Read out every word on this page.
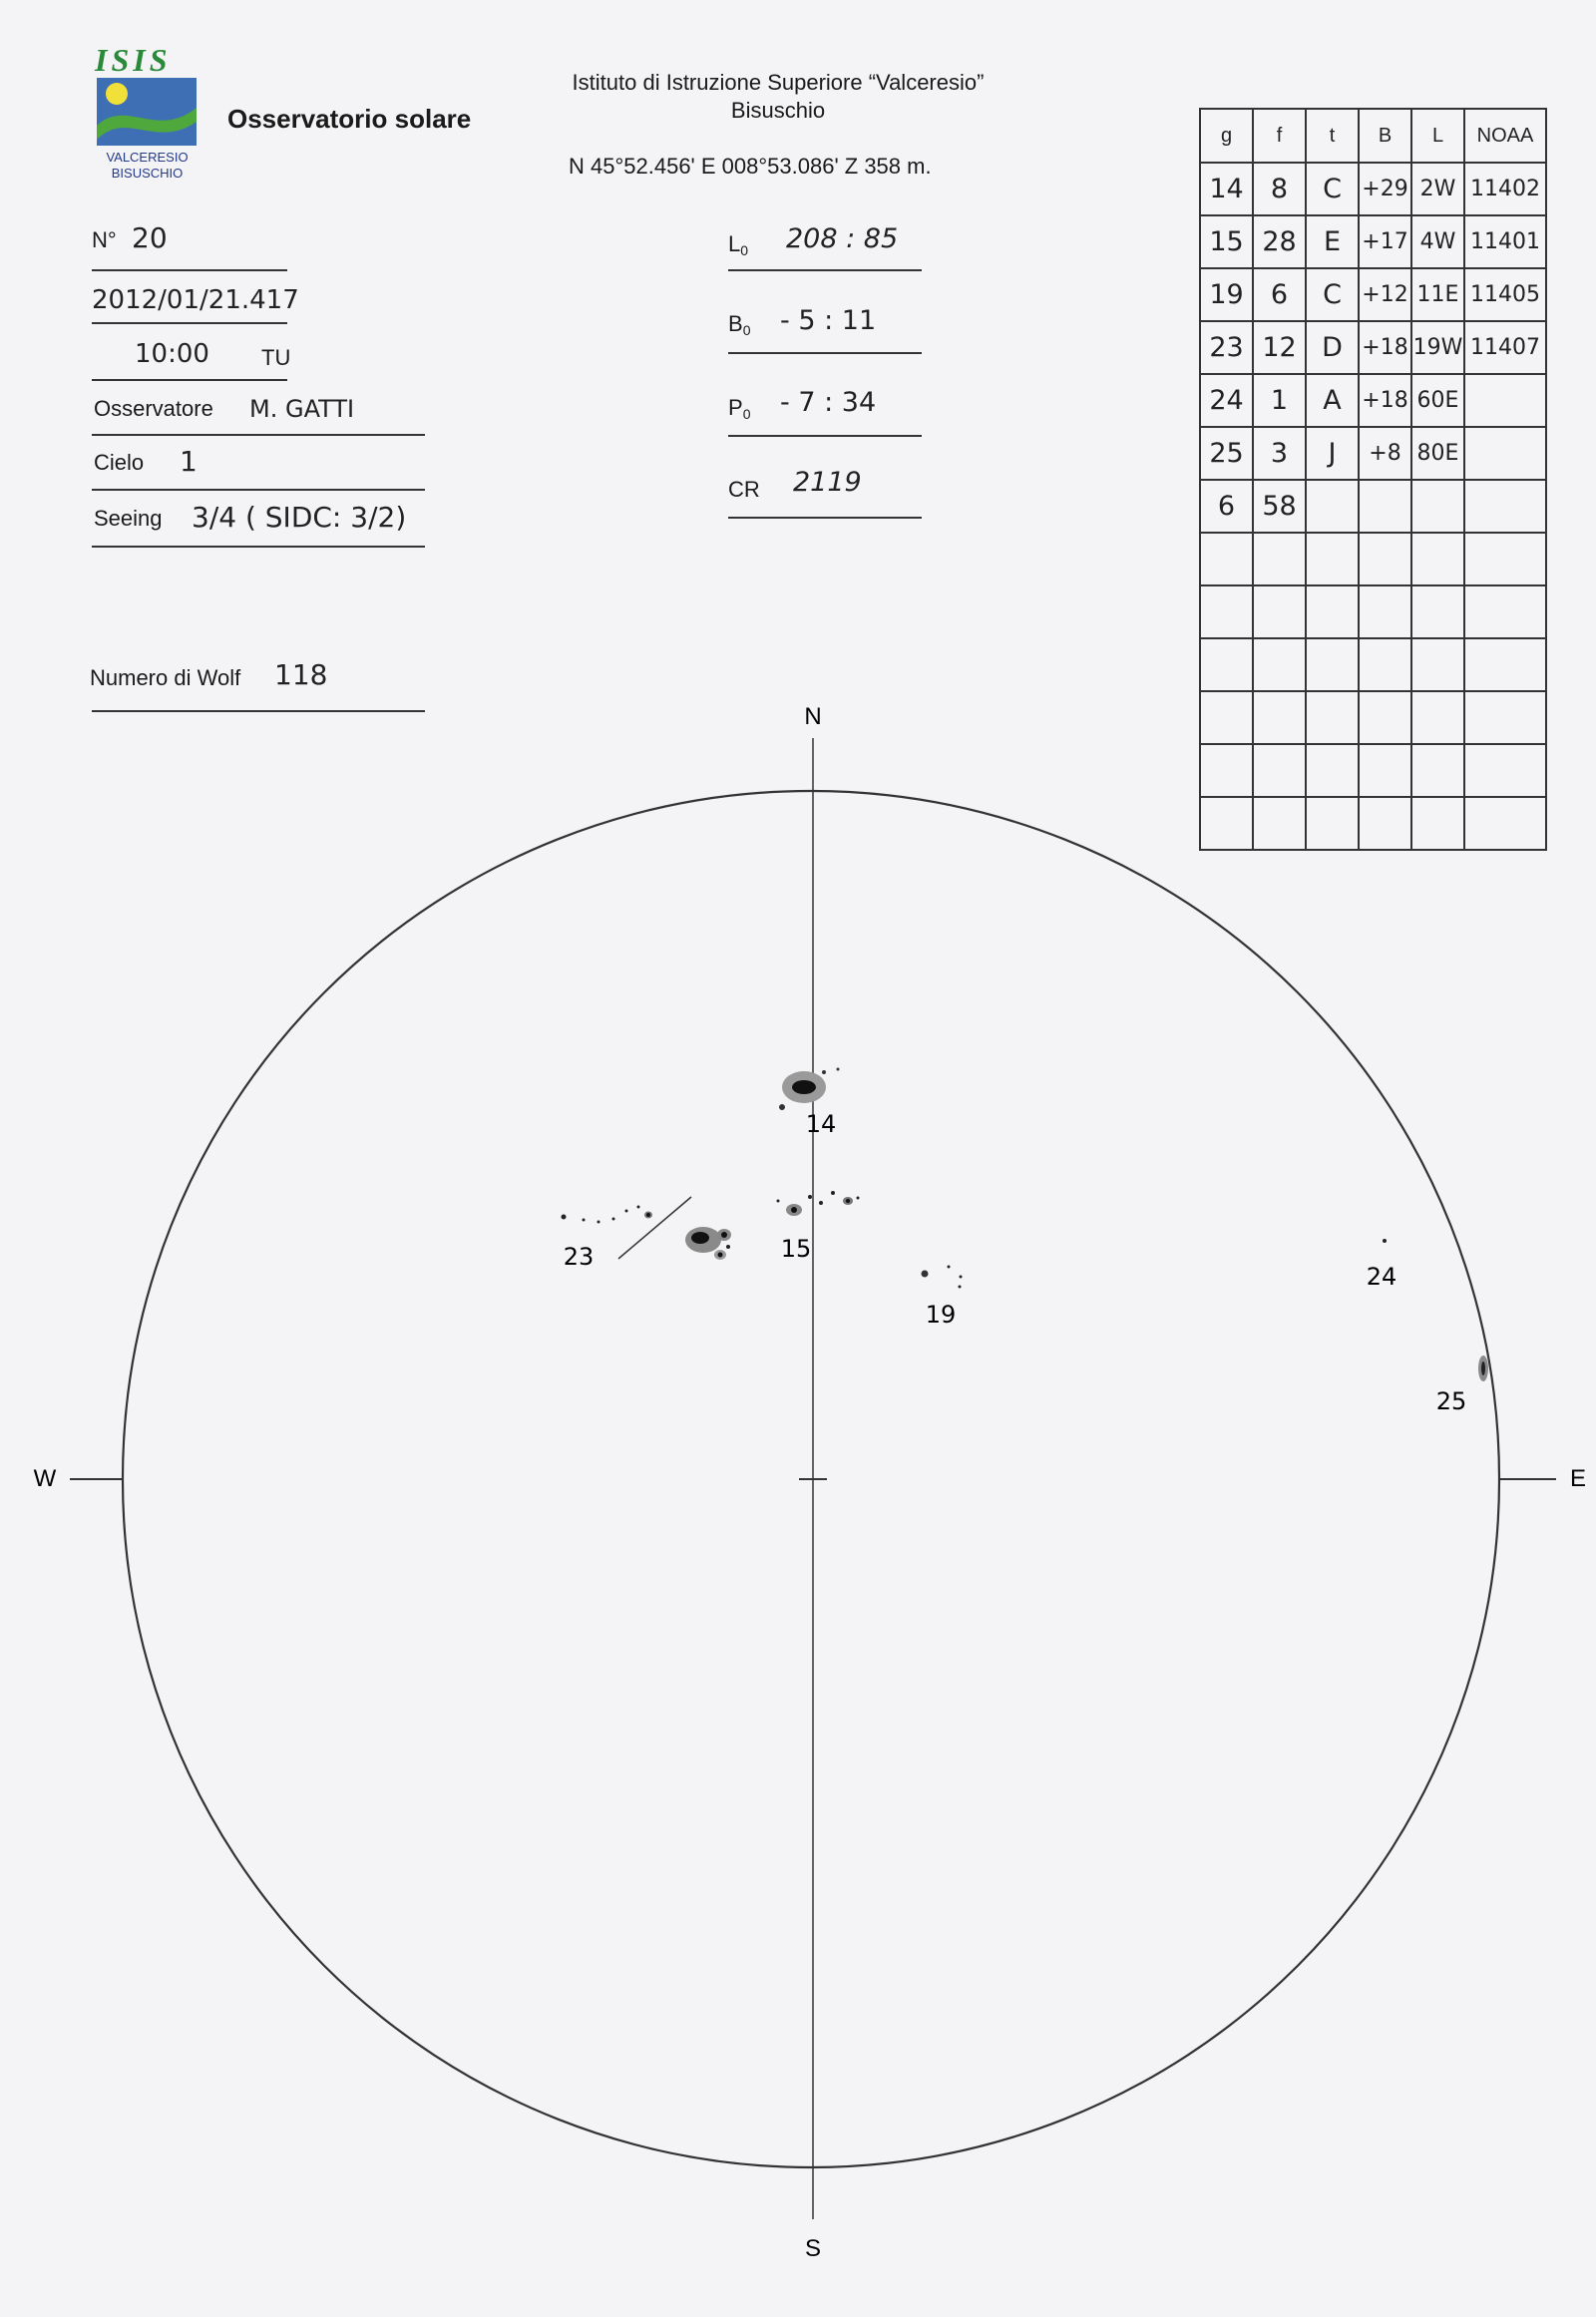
ISIS
VALCERESIO
BISUSCHIO
Osservatorio solare
Istituto di Istruzione Superiore “Valceresio”
Bisuschio
N 45°52.456' E 008°53.086' Z 358 m.
N° 20
2012/01/21.417
10:00 TU
Osservatore M. GATTI
Cielo 1
Seeing 3/4 ( SIDC: 3/2)
Numero di Wolf 118
$L_0$ 208 : 85
$B_0 - 5$ : 11
$P_0 - 7$ : 34
CR 2119
g	f	t	B	L	NOAA
14	8	C	+29	2W	11402
15	28	E	+17	4W	11401
19	6	C	+12	11E	11405
23	12	D	+18	19W	11407
24	1	A	+18	60E	
25	3	J	+8	80E	
6	58				

N
S
W	E
14
15
19
23
24
25
